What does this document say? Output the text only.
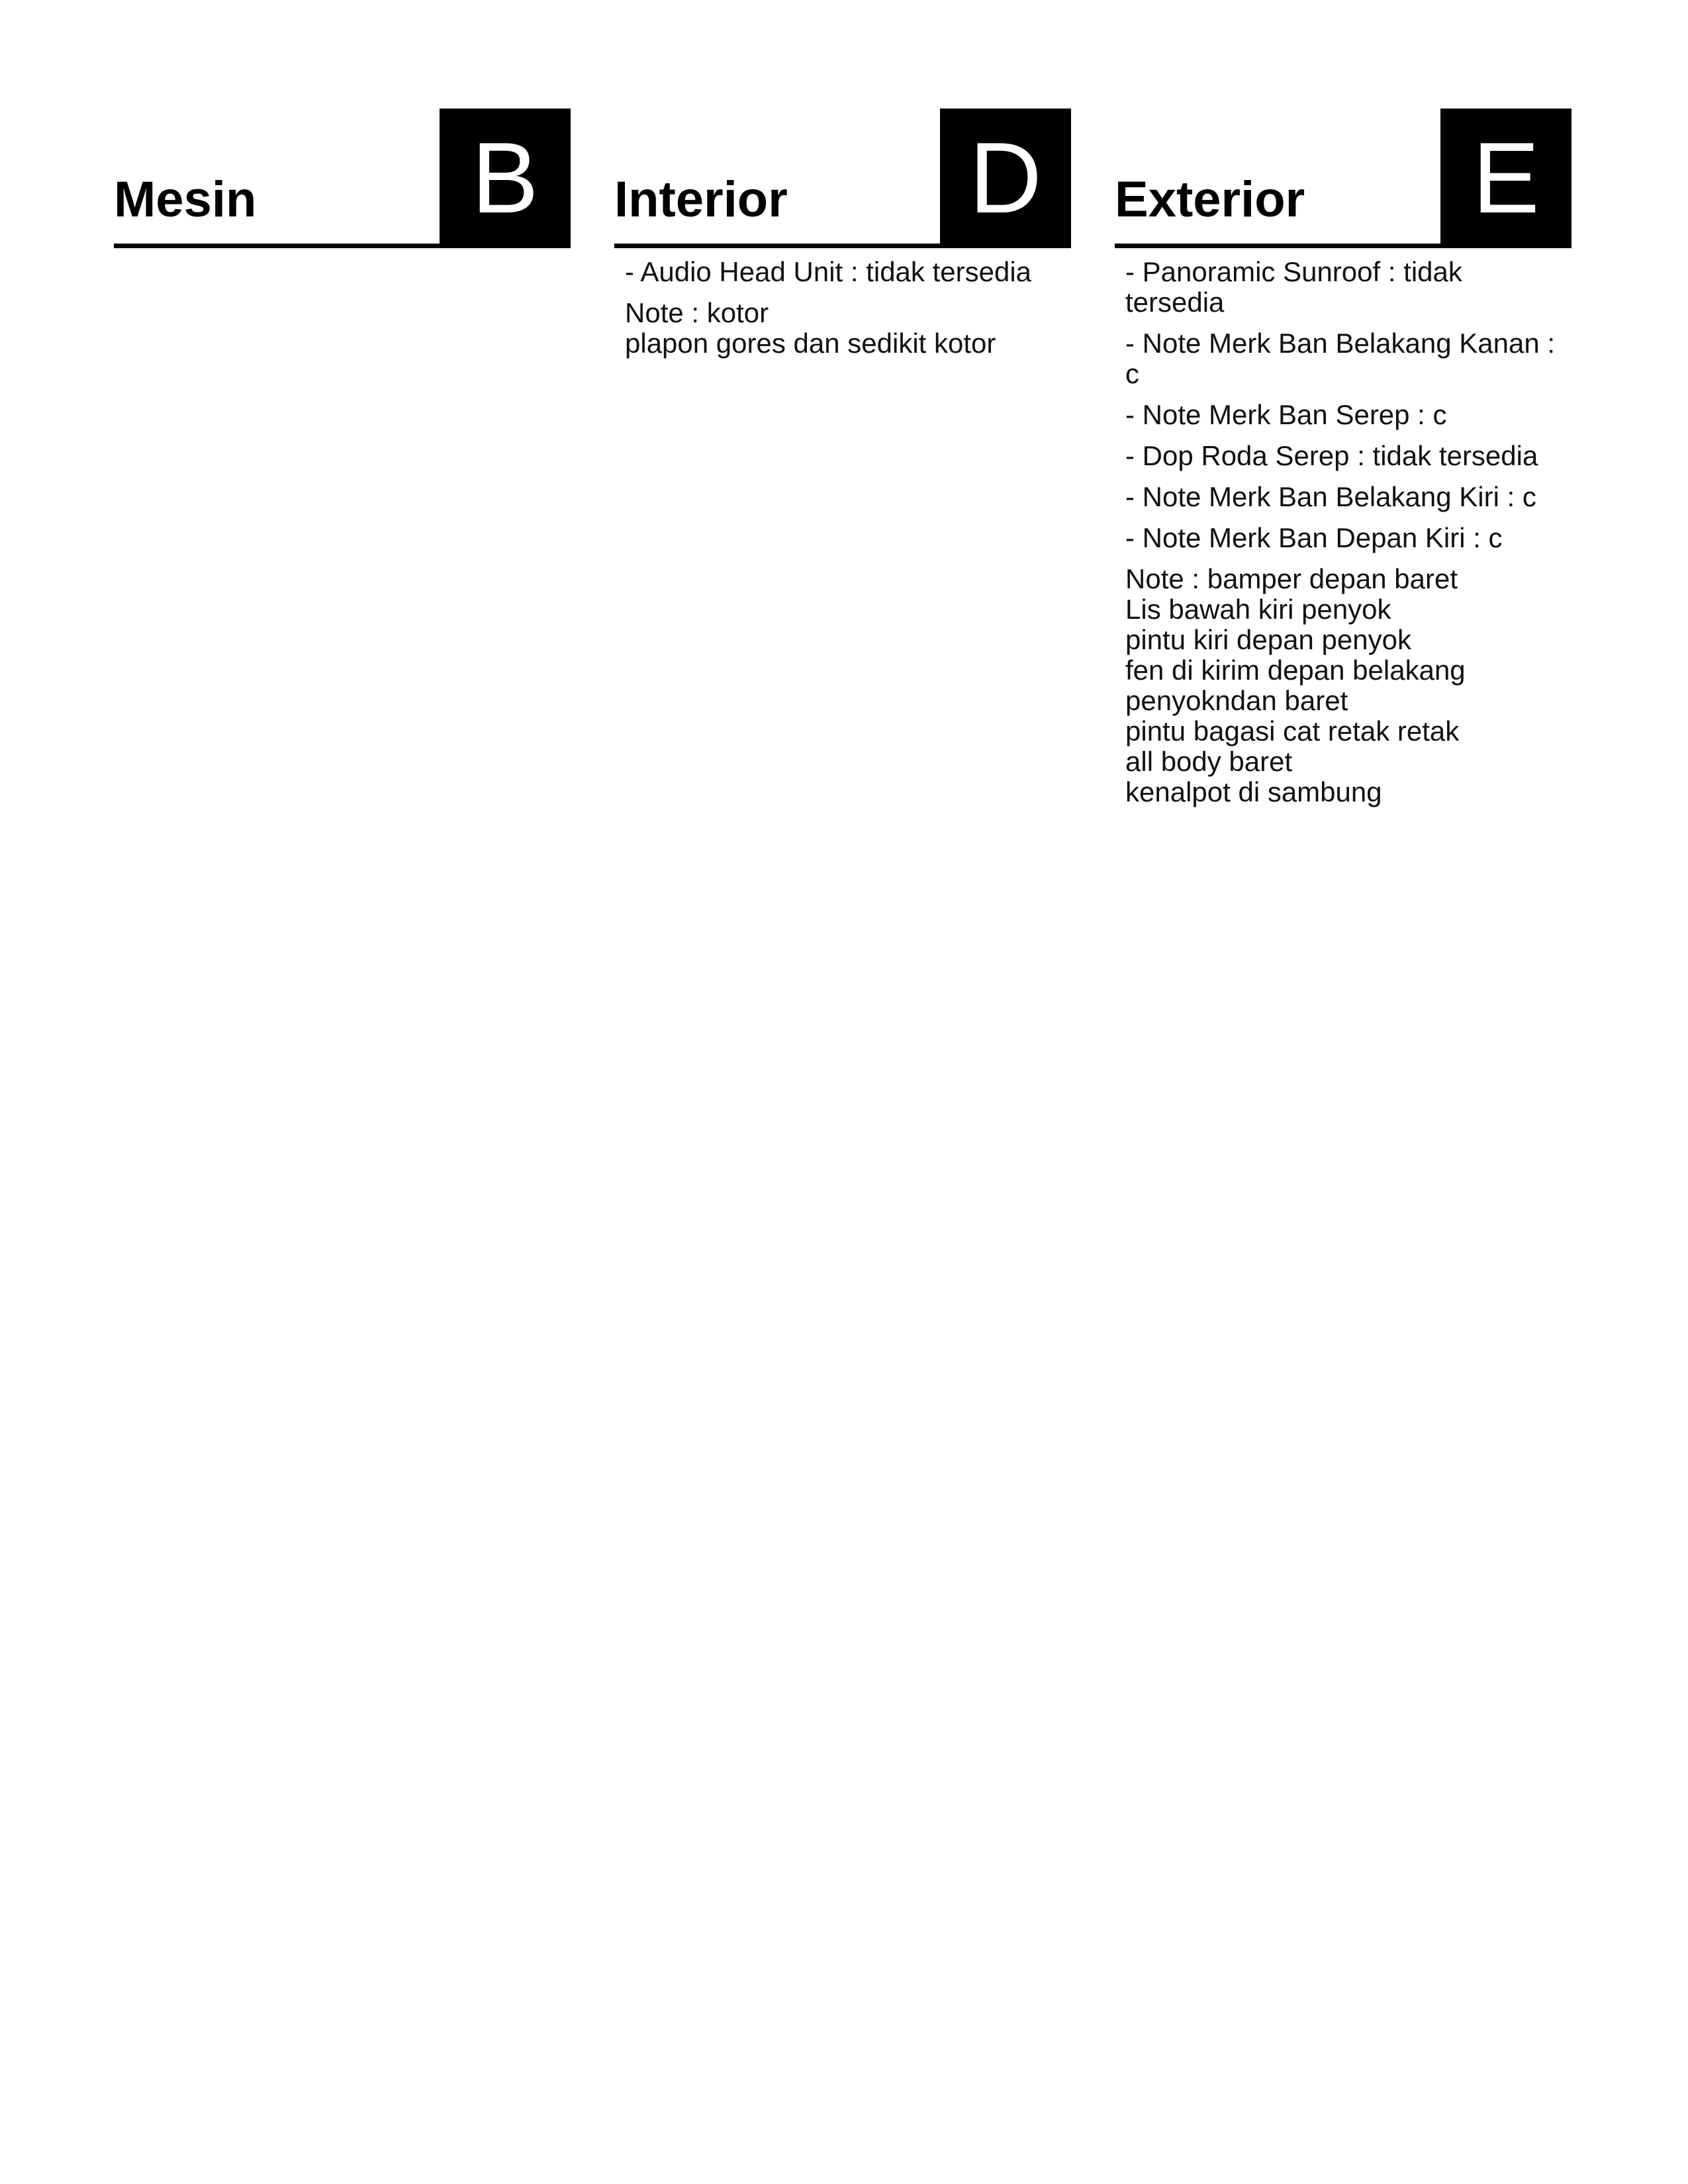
Mesin	B	Interior D
- Audio Head Unit : tidak tersedia
Note : kotor
plapon gores dan sedikit kotor
Exterior	E
- Panoramic Sunroof : tidak tersedia
- Note Merk Ban Belakang Kanan : c
- Note Merk Ban Serep : c
- Dop Roda Serep : tidak tersedia
- Note Merk Ban Belakang Kiri : c
- Note Merk Ban Depan Kiri : c
Note : bamper depan baret
Lis bawah kiri penyok
pintu kiri depan penyok
fen di kirim depan belakang penyokndan baret
pintu bagasi cat retak retak
all body baret
kenalpot di sambung
